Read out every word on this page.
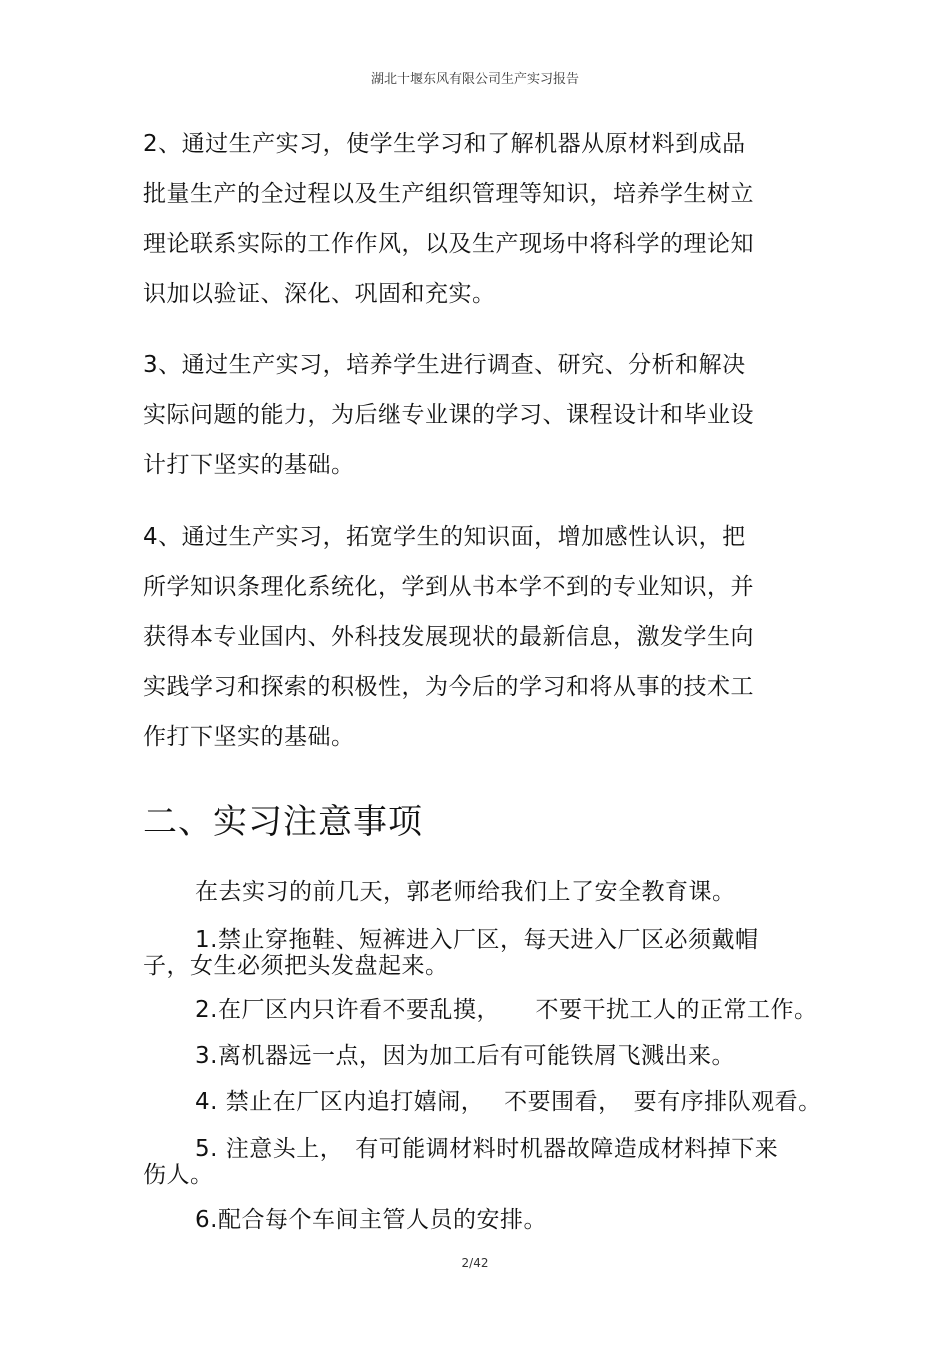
湖北十堰东风有限公司生产实习报告
2、通过生产实习，使学生学习和了解机器从原材料到成品
批量生产的全过程以及生产组织管理等知识，培养学生树立
理论联系实际的工作作风，以及生产现场中将科学的理论知
识加以验证、深化、巩固和充实。
3、通过生产实习，培养学生进行调查、研究、分析和解决
实际问题的能力，为后继专业课的学习、课程设计和毕业设
计打下坚实的基础。
4、通过生产实习，拓宽学生的知识面，增加感性认识，把
所学知识条理化系统化，学到从书本学不到的专业知识，并
获得本专业国内、外科技发展现状的最新信息，激发学生向
实践学习和探索的积极性，为今后的学习和将从事的技术工
作打下坚实的基础。
二、实习注意事项
在去实习的前几天，郭老师给我们上了安全教育课。
1.禁止穿拖鞋、短裤进入厂区，每天进入厂区必须戴帽
子，女生必须把头发盘起来。
2.在厂区内只许看不要乱摸，　　不要干扰工人的正常工作。
3.离机器远一点，因为加工后有可能铁屑飞溅出来。
4. 禁止在厂区内追打嬉闹，　 不要围看，　要有序排队观看。
5. 注意头上，　有可能调材料时机器故障造成材料掉下来
伤人。
6.配合每个车间主管人员的安排。
2/42
